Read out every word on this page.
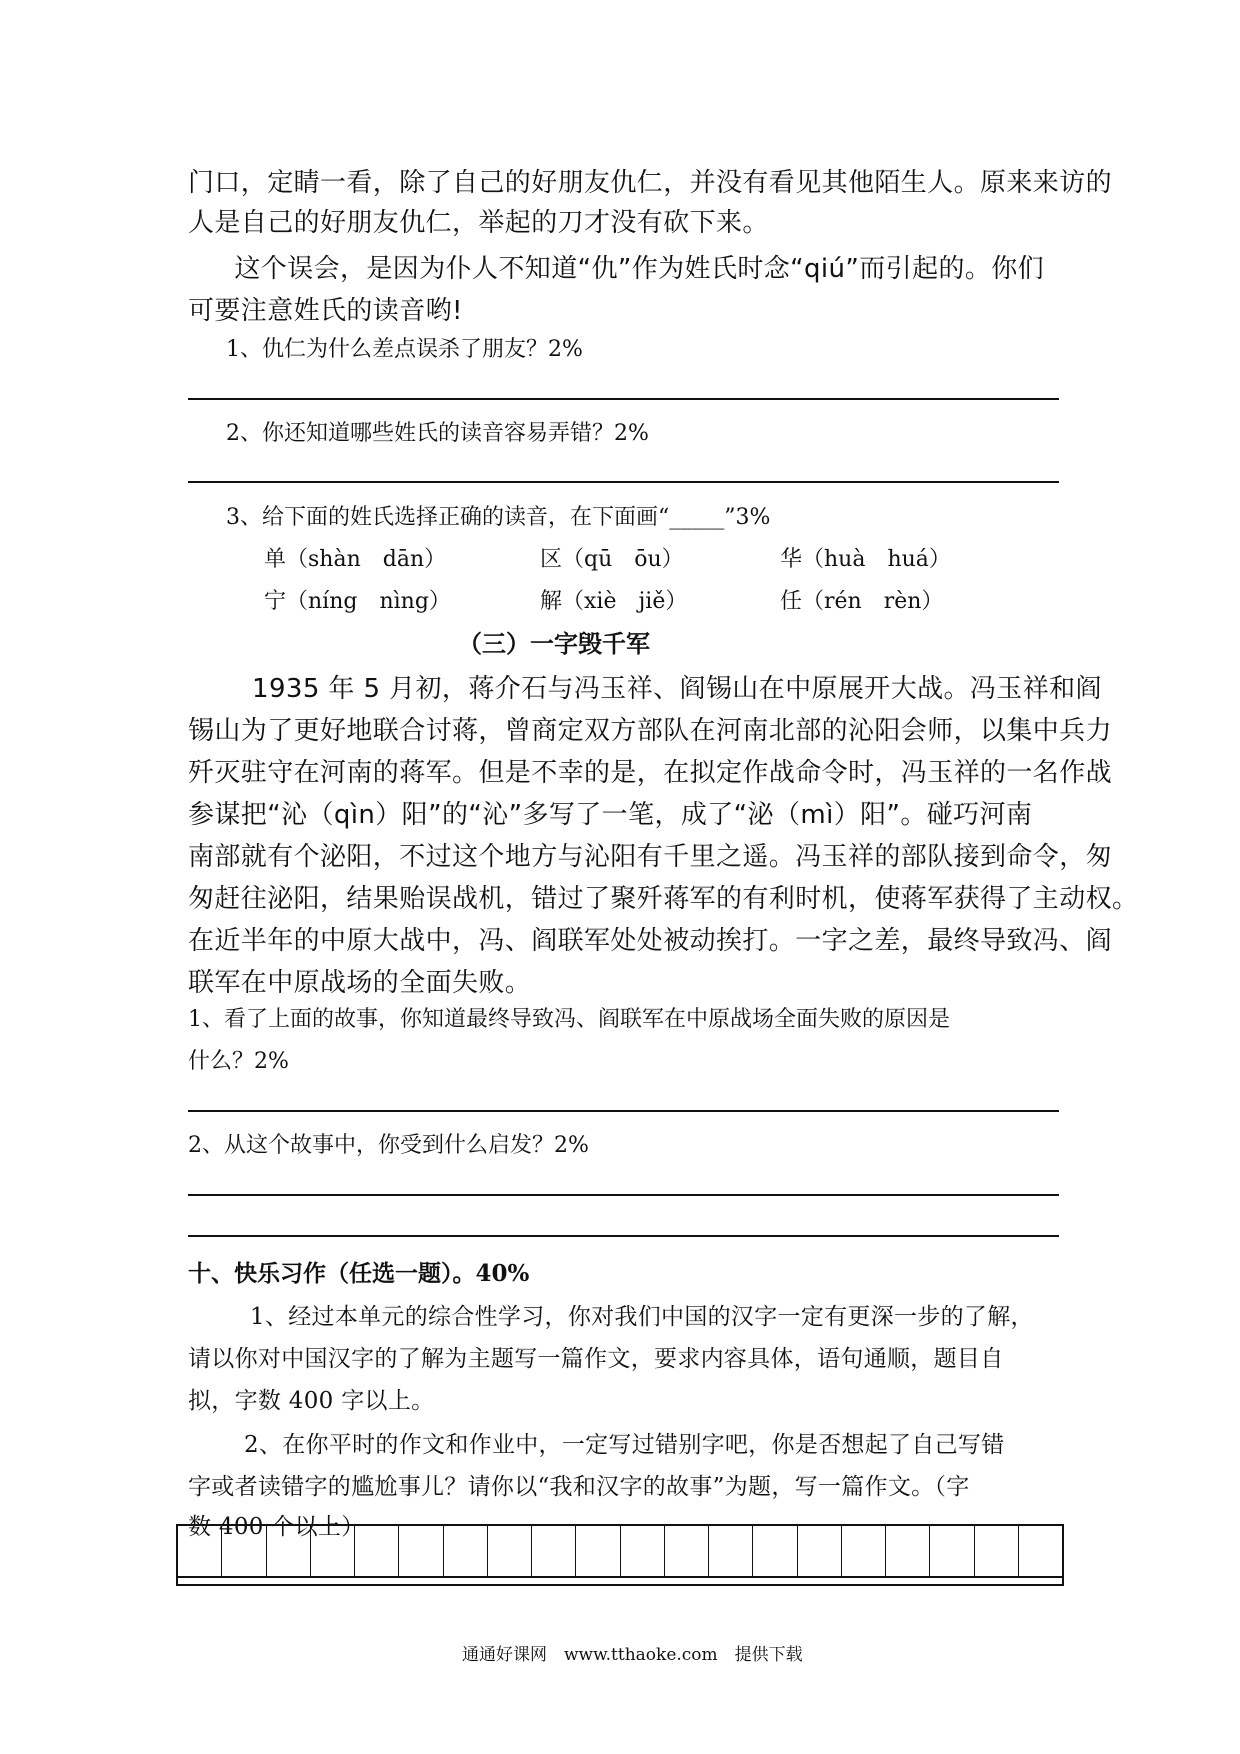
门口，定睛一看，除了自己的好朋友仇仁，并没有看见其他陌生人。原来来访的
人是自己的好朋友仇仁，举起的刀才没有砍下来。
　这个误会，是因为仆人不知道“仇”作为姓氏时念“qiú”而引起的。你们
可要注意姓氏的读音哟!
1、仇仁为什么差点误杀了朋友？2%
2、你还知道哪些姓氏的读音容易弄错？2%
3、给下面的姓氏选择正确的读音，在下面画“_____”3%
单（shàn　dān）	区（qū　ōu）	华（huà　huá）
宁（níng　nìng）	解（xiè　jiě）	任（rén　rèn）
（三）一字毁千军
1935 年 5 月初，蒋介石与冯玉祥、阎锡山在中原展开大战。冯玉祥和阎
锡山为了更好地联合讨蒋，曾商定双方部队在河南北部的沁阳会师，以集中兵力
歼灭驻守在河南的蒋军。但是不幸的是，在拟定作战命令时，冯玉祥的一名作战
参谋把“沁（qìn）阳”的“沁”多写了一笔，成了“泌（mì）阳”。碰巧河南
南部就有个泌阳，不过这个地方与沁阳有千里之遥。冯玉祥的部队接到命令，匆
匆赶往泌阳，结果贻误战机，错过了聚歼蒋军的有利时机，使蒋军获得了主动权。
在近半年的中原大战中，冯、阎联军处处被动挨打。一字之差，最终导致冯、阎
联军在中原战场的全面失败。
1、看了上面的故事，你知道最终导致冯、阎联军在中原战场全面失败的原因是
什么？2%
2、从这个故事中，你受到什么启发？2%
十、快乐习作（任选一题）。40%
1、经过本单元的综合性学习，你对我们中国的汉字一定有更深一步的了解，
请以你对中国汉字的了解为主题写一篇作文，要求内容具体，语句通顺，题目自
拟，字数 400 字以上。
2、在你平时的作文和作业中，一定写过错别字吧，你是否想起了自己写错
字或者读错字的尴尬事儿？请你以“我和汉字的故事”为题，写一篇作文。（字
数 400 个以上）
通通好课网　www.tthaoke.com　提供下载
